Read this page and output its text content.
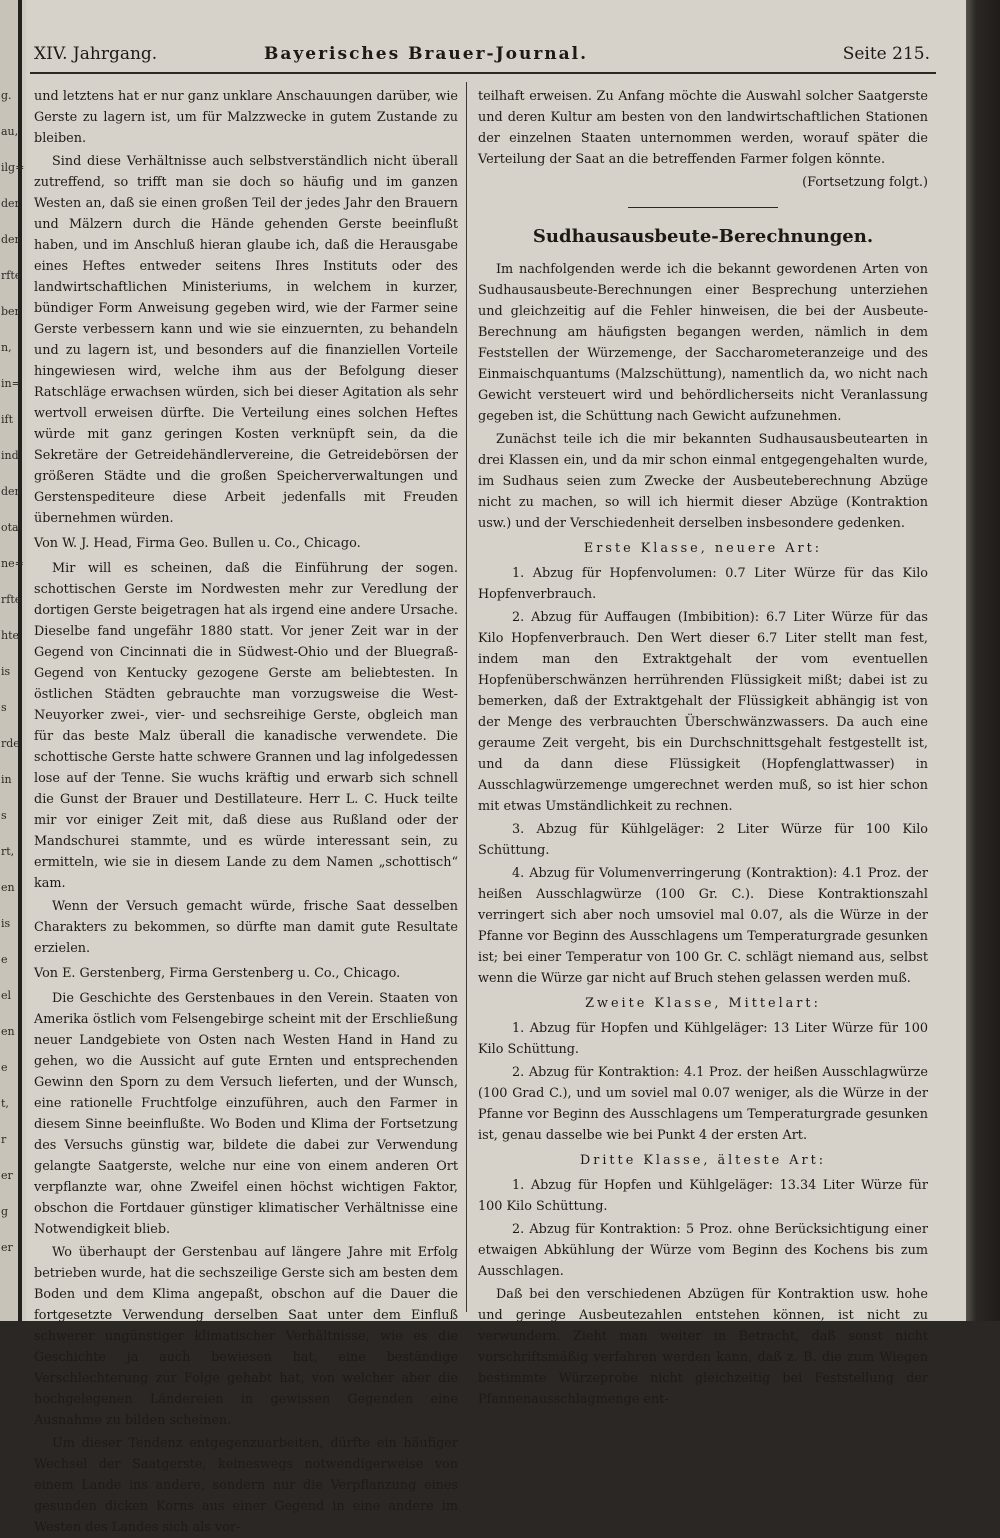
g.
au,
ilg=
der
der
rfte
ber
n,
in=
ift
ind
den
ota
ne=
rfte
hte
is
s
rde
in
s
rt,
en
is
e
el
en
e
t,
r
er
g
er
XIV. Jahrgang.	Bayerisches Brauer-Journal.	Seite 215.

und letztens hat er nur ganz unklare Anschauungen darüber, wie Gerste zu lagern ist, um für Malzzwecke in gutem Zustande zu bleiben.

Sind diese Verhältnisse auch selbstverständlich nicht überall zutreffend, so trifft man sie doch so häufig und im ganzen Westen an, daß sie einen großen Teil der jedes Jahr den Brauern und Mälzern durch die Hände gehenden Gerste beeinflußt haben, und im Anschluß hieran glaube ich, daß die Herausgabe eines Heftes entweder seitens Ihres Instituts oder des landwirtschaftlichen Ministeriums, in welchem in kurzer, bündiger Form Anweisung gegeben wird, wie der Farmer seine Gerste verbessern kann und wie sie einzuernten, zu behandeln und zu lagern ist, und besonders auf die finanziellen Vorteile hingewiesen wird, welche ihm aus der Befolgung dieser Ratschläge erwachsen würden, sich bei dieser Agitation als sehr wertvoll erweisen dürfte. Die Verteilung eines solchen Heftes würde mit ganz geringen Kosten verknüpft sein, da die Sekretäre der Getreidehändlervereine, die Getreidebörsen der größeren Städte und die großen Speicherverwaltungen und Gerstenspediteure diese Arbeit jedenfalls mit Freuden übernehmen würden.

Von W. J. Head, Firma Geo. Bullen u. Co., Chicago.

Mir will es scheinen, daß die Einführung der sogen. schottischen Gerste im Nordwesten mehr zur Veredlung der dortigen Gerste beigetragen hat als irgend eine andere Ursache. Dieselbe fand ungefähr 1880 statt. Vor jener Zeit war in der Gegend von Cincinnati die in Südwest-Ohio und der Bluegraß-Gegend von Kentucky gezogene Gerste am beliebtesten. In östlichen Städten gebrauchte man vorzugsweise die West-Neuyorker zwei-, vier- und sechsreihige Gerste, obgleich man für das beste Malz überall die kanadische verwendete. Die schottische Gerste hatte schwere Grannen und lag infolgedessen lose auf der Tenne. Sie wuchs kräftig und erwarb sich schnell die Gunst der Brauer und Destillateure. Herr L. C. Huck teilte mir vor einiger Zeit mit, daß diese aus Rußland oder der Mandschurei stammte, und es würde interessant sein, zu ermitteln, wie sie in diesem Lande zu dem Namen „schottisch“ kam.

Wenn der Versuch gemacht würde, frische Saat desselben Charakters zu bekommen, so dürfte man damit gute Resultate erzielen.

Von E. Gerstenberg, Firma Gerstenberg u. Co., Chicago.

Die Geschichte des Gerstenbaues in den Verein. Staaten von Amerika östlich vom Felsengebirge scheint mit der Erschließung neuer Landgebiete von Osten nach Westen Hand in Hand zu gehen, wo die Aussicht auf gute Ernten und entsprechenden Gewinn den Sporn zu dem Versuch lieferten, und der Wunsch, eine rationelle Fruchtfolge einzuführen, auch den Farmer in diesem Sinne beeinflußte. Wo Boden und Klima der Fortsetzung des Versuchs günstig war, bildete die dabei zur Verwendung gelangte Saatgerste, welche nur eine von einem anderen Ort verpflanzte war, ohne Zweifel einen höchst wichtigen Faktor, obschon die Fortdauer günstiger klimatischer Verhältnisse eine Notwendigkeit blieb.

Wo überhaupt der Gerstenbau auf längere Jahre mit Erfolg betrieben wurde, hat die sechszeilige Gerste sich am besten dem Boden und dem Klima angepaßt, obschon auf die Dauer die fortgesetzte Verwendung derselben Saat unter dem Einfluß schwerer ungünstiger klimatischer Verhältnisse, wie es die Geschichte ja auch bewiesen hat, eine beständige Verschlechterung zur Folge gehabt hat, von welcher aber die hochgelegenen Ländereien in gewissen Gegenden eine Ausnahme zu bilden scheinen.

Um dieser Tendenz entgegenzuarbeiten, dürfte ein häufiger Wechsel der Saatgerste, keineswegs notwendigerweise von einem Lande ins andere, sondern nur die Verpflanzung eines gesunden dicken Korns aus einer Gegend in eine andere im Westen des Landes sich als vor-

teilhaft erweisen. Zu Anfang möchte die Auswahl solcher Saatgerste und deren Kultur am besten von den landwirtschaftlichen Stationen der einzelnen Staaten unternommen werden, worauf später die Verteilung der Saat an die betreffenden Farmer folgen könnte.

(Fortsetzung folgt.)

Sudhausausbeute-Berechnungen.

Im nachfolgenden werde ich die bekannt gewordenen Arten von Sudhausausbeute-Berechnungen einer Besprechung unterziehen und gleichzeitig auf die Fehler hinweisen, die bei der Ausbeute-Berechnung am häufigsten begangen werden, nämlich in dem Feststellen der Würzemenge, der Saccharometeranzeige und des Einmaischquantums (Malzschüttung), namentlich da, wo nicht nach Gewicht versteuert wird und behördlicherseits nicht Veranlassung gegeben ist, die Schüttung nach Gewicht aufzunehmen.

Zunächst teile ich die mir bekannten Sudhausausbeutearten in drei Klassen ein, und da mir schon einmal entgegengehalten wurde, im Sudhaus seien zum Zwecke der Ausbeuteberechnung Abzüge nicht zu machen, so will ich hiermit dieser Abzüge (Kontraktion usw.) und der Verschiedenheit derselben insbesondere gedenken.

Erste Klasse, neuere Art:

1. Abzug für Hopfenvolumen: 0.7 Liter Würze für das Kilo Hopfenverbrauch.

2. Abzug für Auffaugen (Imbibition): 6.7 Liter Würze für das Kilo Hopfenverbrauch. Den Wert dieser 6.7 Liter stellt man fest, indem man den Extraktgehalt der vom eventuellen Hopfenüberschwänzen herrührenden Flüssigkeit mißt; dabei ist zu bemerken, daß der Extraktgehalt der Flüssigkeit abhängig ist von der Menge des verbrauchten Überschwänzwassers. Da auch eine geraume Zeit vergeht, bis ein Durchschnittsgehalt festgestellt ist, und da dann diese Flüssigkeit (Hopfenglattwasser) in Ausschlagwürzemenge umgerechnet werden muß, so ist hier schon mit etwas Umständlichkeit zu rechnen.

3. Abzug für Kühlgeläger: 2 Liter Würze für 100 Kilo Schüttung.

4. Abzug für Volumenverringerung (Kontraktion): 4.1 Proz. der heißen Ausschlagwürze (100 Gr. C.). Diese Kontraktionszahl verringert sich aber noch umsoviel mal 0.07, als die Würze in der Pfanne vor Beginn des Ausschlagens um Temperaturgrade gesunken ist; bei einer Temperatur von 100 Gr. C. schlägt niemand aus, selbst wenn die Würze gar nicht auf Bruch stehen gelassen werden muß.

Zweite Klasse, Mittelart:

1. Abzug für Hopfen und Kühlgeläger: 13 Liter Würze für 100 Kilo Schüttung.

2. Abzug für Kontraktion: 4.1 Proz. der heißen Ausschlagwürze (100 Grad C.), und um soviel mal 0.07 weniger, als die Würze in der Pfanne vor Beginn des Ausschlagens um Temperaturgrade gesunken ist, genau dasselbe wie bei Punkt 4 der ersten Art.

Dritte Klasse, älteste Art:

1. Abzug für Hopfen und Kühlgeläger: 13.34 Liter Würze für 100 Kilo Schüttung.

2. Abzug für Kontraktion: 5 Proz. ohne Berücksichtigung einer etwaigen Abkühlung der Würze vom Beginn des Kochens bis zum Ausschlagen.

Daß bei den verschiedenen Abzügen für Kontraktion usw. hohe und geringe Ausbeutezahlen entstehen können, ist nicht zu verwundern. Zieht man weiter in Betracht, daß sonst nicht vorschriftsmäßig verfahren werden kann, daß z. B. die zum Wiegen bestimmte Würzeprobe nicht gleichzeitig bei Feststellung der Pfannenausschlagmenge ent-
